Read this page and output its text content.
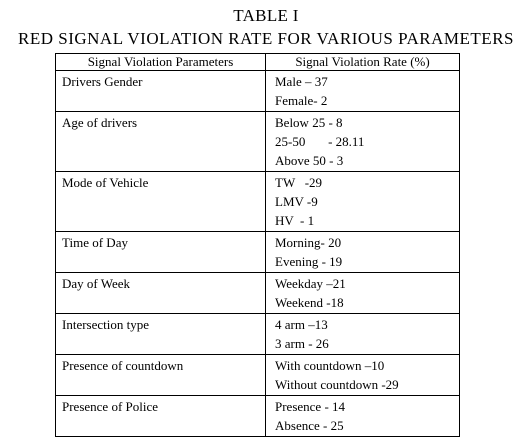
TABLE I
RED SIGNAL VIOLATION RATE FOR VARIOUS PARAMETERS
Signal Violation Parameters	Signal Violation Rate (%)
Drivers Gender	Male – 37
Female- 2

Age of drivers	Below 25 - 8
25-50       - 28.11
Above 50 - 3

Mode of Vehicle	TW   -29
LMV -9
HV  - 1

Time of Day	Morning- 20
Evening - 19

Day of Week	Weekday –21
Weekend -18

Intersection type	4 arm –13
3 arm - 26

Presence of countdown	With countdown –10
Without countdown -29

Presence of Police	Presence - 14
Absence - 25
